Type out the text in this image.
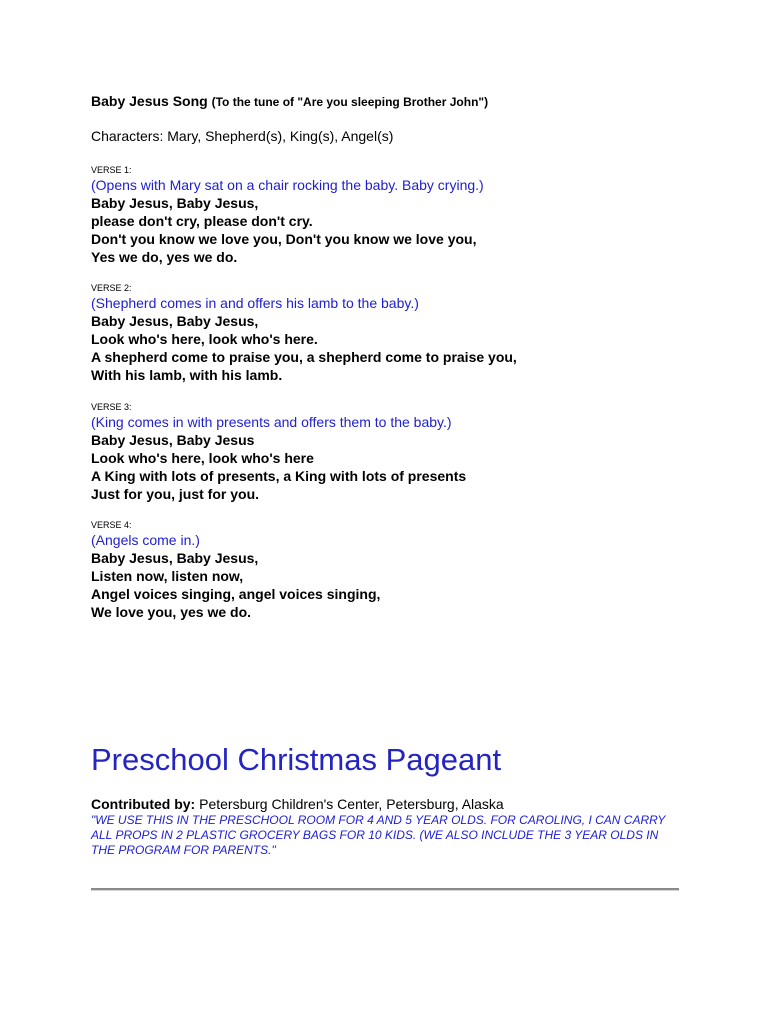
Baby Jesus Song (To the tune of "Are you sleeping Brother John")
Characters: Mary, Shepherd(s), King(s), Angel(s)
VERSE 1:
(Opens with Mary sat on a chair rocking the baby. Baby crying.)
Baby Jesus, Baby Jesus,
please don't cry, please don't cry.
Don't you know we love you, Don't you know we love you,
Yes we do, yes we do.
VERSE 2:
(Shepherd comes in and offers his lamb to the baby.)
Baby Jesus, Baby Jesus,
Look who's here, look who's here.
A shepherd come to praise you, a shepherd come to praise you,
With his lamb, with his lamb.
VERSE 3:
(King comes in with presents and offers them to the baby.)
Baby Jesus, Baby Jesus
Look who's here, look who's here
A King with lots of presents, a King with lots of presents
Just for you, just for you.
VERSE 4:
(Angels come in.)
Baby Jesus, Baby Jesus,
Listen now, listen now,
Angel voices singing, angel voices singing,
We love you, yes we do.
Preschool Christmas Pageant
Contributed by: Petersburg Children's Center, Petersburg, Alaska
"WE USE THIS IN THE PRESCHOOL ROOM FOR 4 AND 5 YEAR OLDS. FOR CAROLING, I CAN CARRY ALL PROPS IN 2 PLASTIC GROCERY BAGS FOR 10 KIDS. (WE ALSO INCLUDE THE 3 YEAR OLDS IN THE PROGRAM FOR PARENTS."
